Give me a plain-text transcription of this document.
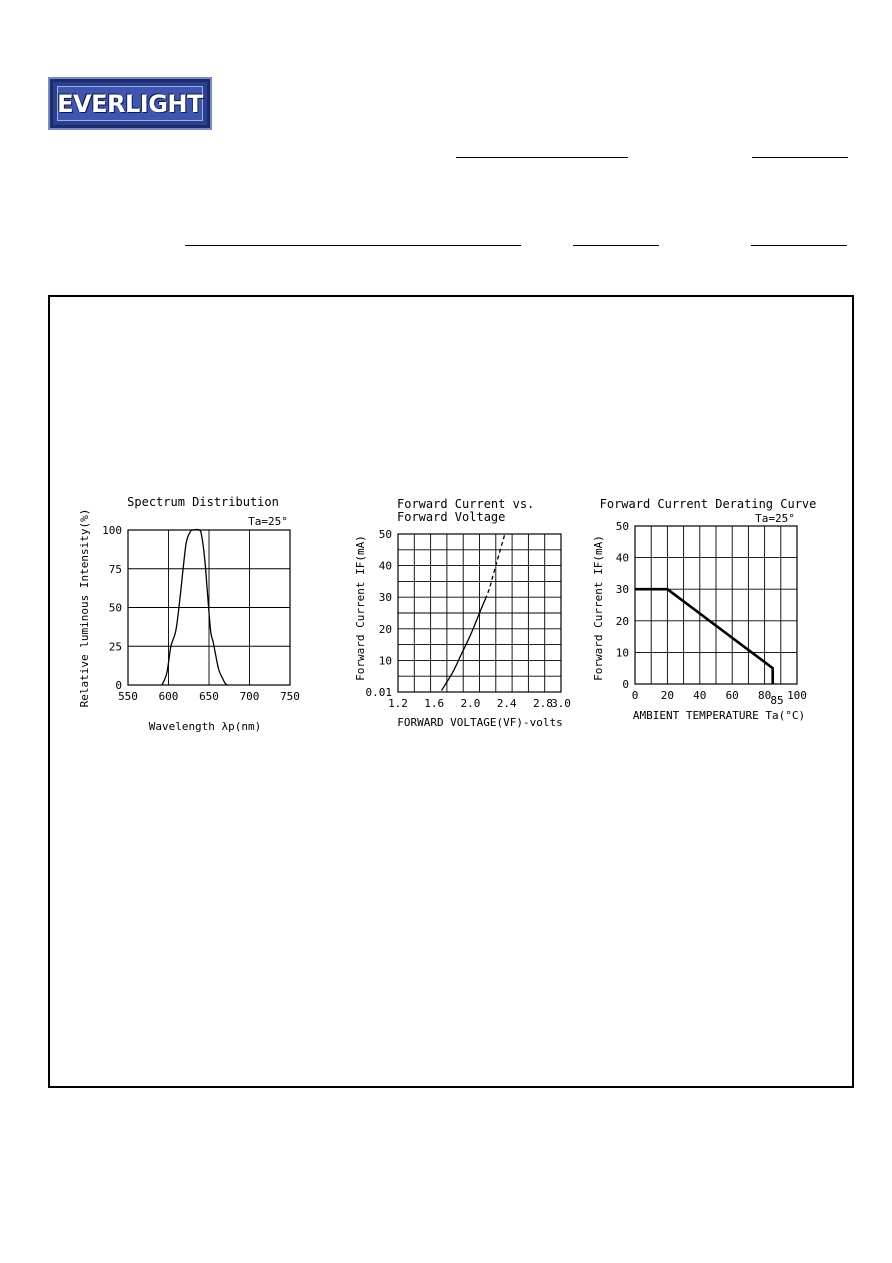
EVERLIGHT
Spectrum Distribution
Ta=25°
Relative luminous Intensity(%)
Wavelength λp(nm)
550 600 650 700 750
0
25
50
75
100
Forward Current vs.
Forward Voltage
Forward Current IF(mA)
FORWARD VOLTAGE(VF)-volts
1.2 1.6 2.0 2.4 2.8
3.0
0.01
10
20
30
40
50
Forward Current Derating Curve
Ta=25°
Forward Current IF(mA)
AMBIENT TEMPERATURE Ta(°C)
0 20 40 60 80 100
0
10
20
30
40
50
85
